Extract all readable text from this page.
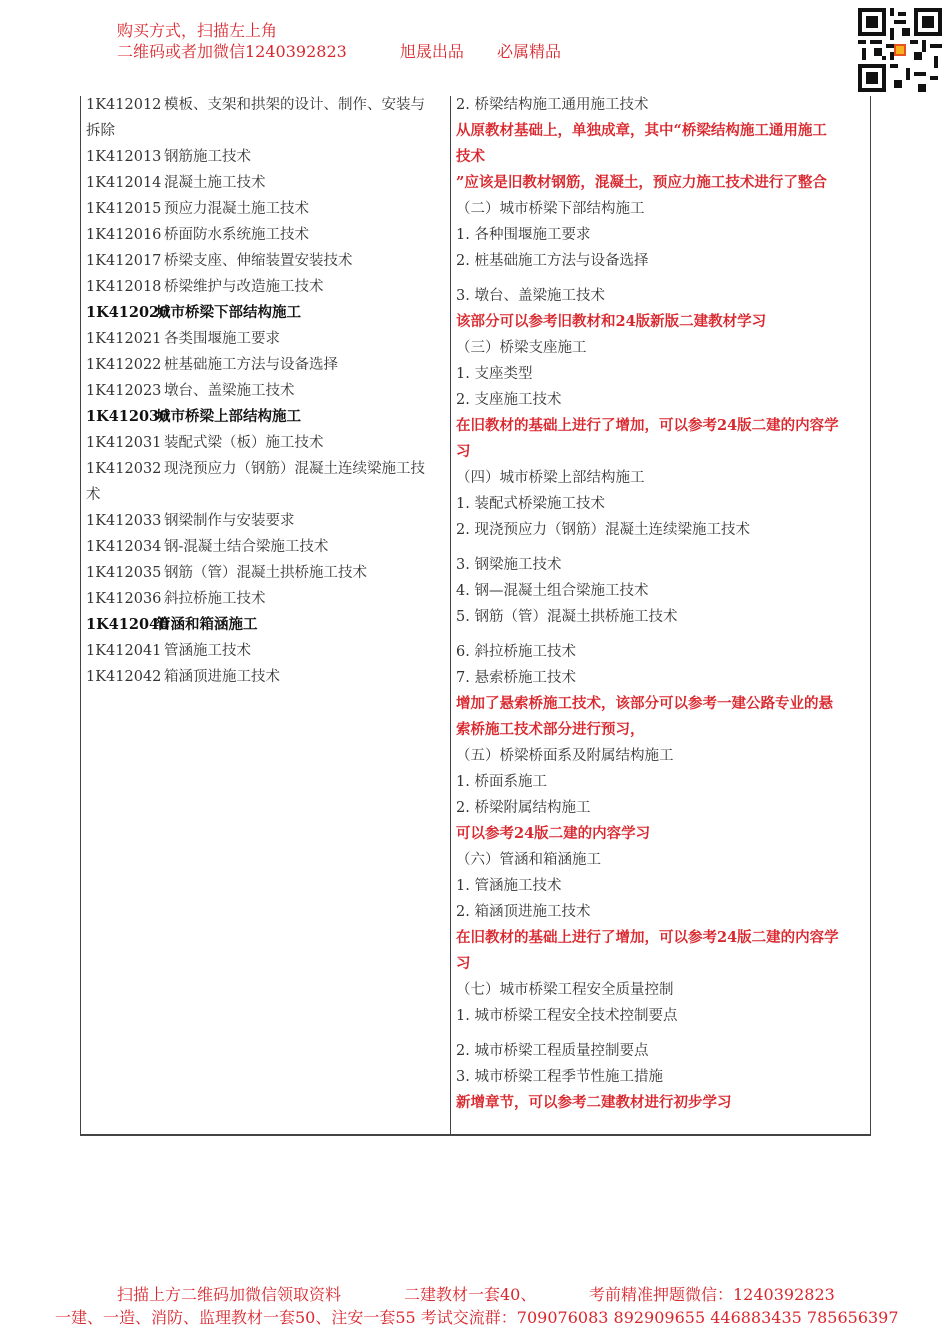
购买方式，扫描左上角
二维码或者加微信1240392823	旭晟出品 必属精品
1K412012 模板、支架和拱架的设计、制作、安装与
拆除
1K412013 钢筋施工技术
1K412014 混凝土施工技术
1K412015 预应力混凝土施工技术
1K412016 桥面防水系统施工技术
1K412017 桥梁支座、伸缩装置安装技术
1K412018 桥梁维护与改造施工技术
1K412020城市桥梁下部结构施工
1K412021 各类围堰施工要求
1K412022 桩基础施工方法与设备选择
1K412023 墩台、盖梁施工技术
1K412030城市桥梁上部结构施工
1K412031 装配式梁（板）施工技术
1K412032 现浇预应力（钢筋）混凝土连续梁施工技
术
1K412033 钢梁制作与安装要求
1K412034 钢-混凝土结合梁施工技术
1K412035 钢筋（管）混凝土拱桥施工技术
1K412036 斜拉桥施工技术
1K412040管涵和箱涵施工
1K412041 管涵施工技术
1K412042 箱涵顶进施工技术
2. 桥梁结构施工通用施工技术
从原教材基础上，单独成章，其中“桥梁结构施工通用施工
技术
”应该是旧教材钢筋，混凝土，预应力施工技术进行了整合
（二）城市桥梁下部结构施工
1. 各种围堰施工要求
2. 桩基础施工方法与设备选择
3. 墩台、盖梁施工技术
该部分可以参考旧教材和24版新版二建教材学习
（三）桥梁支座施工
1. 支座类型
2. 支座施工技术
在旧教材的基础上进行了增加，可以参考24版二建的内容学
习
（四）城市桥梁上部结构施工
1. 装配式桥梁施工技术
2. 现浇预应力（钢筋）混凝土连续梁施工技术
3. 钢梁施工技术
4. 钢—混凝土组合梁施工技术
5. 钢筋（管）混凝土拱桥施工技术
6. 斜拉桥施工技术
7. 悬索桥施工技术
增加了悬索桥施工技术，该部分可以参考一建公路专业的悬
索桥施工技术部分进行预习，
（五）桥梁桥面系及附属结构施工
1. 桥面系施工
2. 桥梁附属结构施工
可以参考24版二建的内容学习
（六）管涵和箱涵施工
1. 管涵施工技术
2. 箱涵顶进施工技术
在旧教材的基础上进行了增加，可以参考24版二建的内容学
习
（七）城市桥梁工程安全质量控制
1. 城市桥梁工程安全技术控制要点
2. 城市桥梁工程质量控制要点
3. 城市桥梁工程季节性施工措施
新增章节，可以参考二建教材进行初步学习
扫描上方二维码加微信领取资料	二建教材一套40、	考前精准押题微信：1240392823
一建、一造、消防、监理教材一套50、注安一套55 考试交流群：709076083 892909655 446883435 785656397
